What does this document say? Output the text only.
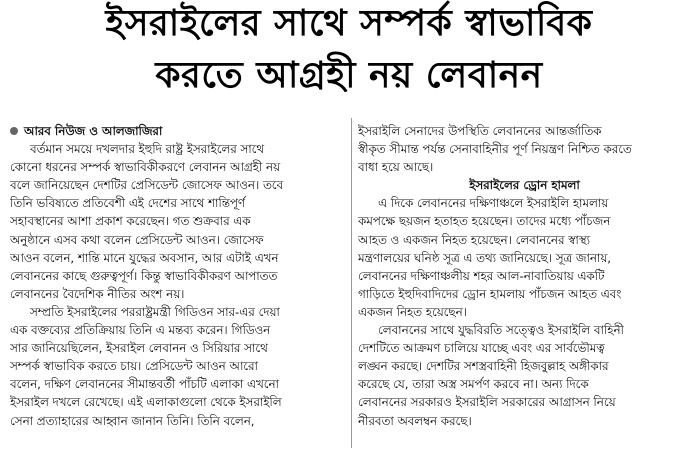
ইসরাইলের সাথে সম্পর্ক স্বাভাবিক
করতে আগ্রহী নয় লেবানন
আরব নিউজ ও আলজাজিরা
বর্তমান সময়ে দখলদার ইহুদি রাষ্ট্র ইসরাইলের সাথে
কোনো ধরনের সম্পর্ক স্বাভাবিকীকরণে লেবানন আগ্রহী নয়
বলে জানিয়েছেন দেশটির প্রেসিডেন্ট জোসেফ আওন। তবে
তিনি ভবিষ্যতে প্রতিবেশী এই দেশের সাথে শান্তিপূর্ণ
সহাবস্থানের আশা প্রকাশ করেছেন। গত শুক্রবার এক
অনুষ্ঠানে এসব কথা বলেন প্রেসিডেন্ট আওন। জোসেফ
আওন বলেন, শান্তি মানে যুদ্ধের অবসান, আর এটাই এখন
লেবাননের কাছে গুরুত্বপূর্ণ। কিন্তু স্বাভাবিকীকরণ আপাতত
লেবাননের বৈদেশিক নীতির অংশ নয়।
সম্প্রতি ইসরাইলের পররাষ্ট্রমন্ত্রী গিডিওন সার-এর দেয়া
এক বক্তব্যের প্রতিক্রিয়ায় তিনি এ মন্তব্য করেন। গিডিওন
সার জানিয়েছিলেন, ইসরাইল লেবানন ও সিরিয়ার সাথে
সম্পর্ক স্বাভাবিক করতে চায়। প্রেসিডেন্ট আওন আরো
বলেন, দক্ষিণ লেবাননের সীমান্তবর্তী পাঁচটি এলাকা এখনো
ইসরাইল দখলে রেখেছে। এই এলাকাগুলো থেকে ইসরাইলি
সেনা প্রত্যাহারের আহ্বান জানান তিনি। তিনি বলেন,
ইসরাইলি সেনাদের উপস্থিতি লেবাননের আন্তর্জাতিক
স্বীকৃত সীমান্ত পর্যন্ত সেনাবাহিনীর পূর্ণ নিয়ন্ত্রণ নিশ্চিত করতে
বাধা হয়ে আছে।
ইসরাইলের ড্রোন হামলা
এ দিকে লেবাননের দক্ষিণাঞ্চলে ইসরাইলি হামলায়
কমপক্ষে ছয়জন হতাহত হয়েছেন। তাদের মধ্যে পাঁচজন
আহত ও একজন নিহত হয়েছেন। লেবাননের স্বাস্থ্য
মন্ত্রণালয়ের ঘনিষ্ঠ সূত্র এ তথ্য জানিয়েছে। সূত্র জানায়,
লেবাননের দক্ষিণাঞ্চলীয় শহর আল-নাবাতিয়ায় একটি
গাড়িতে ইহুদিবাদিদের ড্রোন হামলায় পাঁচজন আহত এবং
একজন নিহত হয়েছেন।
লেবাননের সাথে যুদ্ধবিরতি সত্ত্বেও ইসরাইলি বাহিনী
দেশটিতে আক্রমণ চালিয়ে যাচ্ছে এবং এর সার্বভৌমত্ব
লঙ্ঘন করছে। দেশটির সশস্ত্রবাহিনী হিজবুল্লাহ অঙ্গীকার
করেছে যে, তারা অস্ত্র সমর্পণ করবে না। অন্য দিকে
লেবাননের সরকারও ইসরাইলি সরকারের আগ্রাসন নিয়ে
নীরবতা অবলম্বন করছে।
